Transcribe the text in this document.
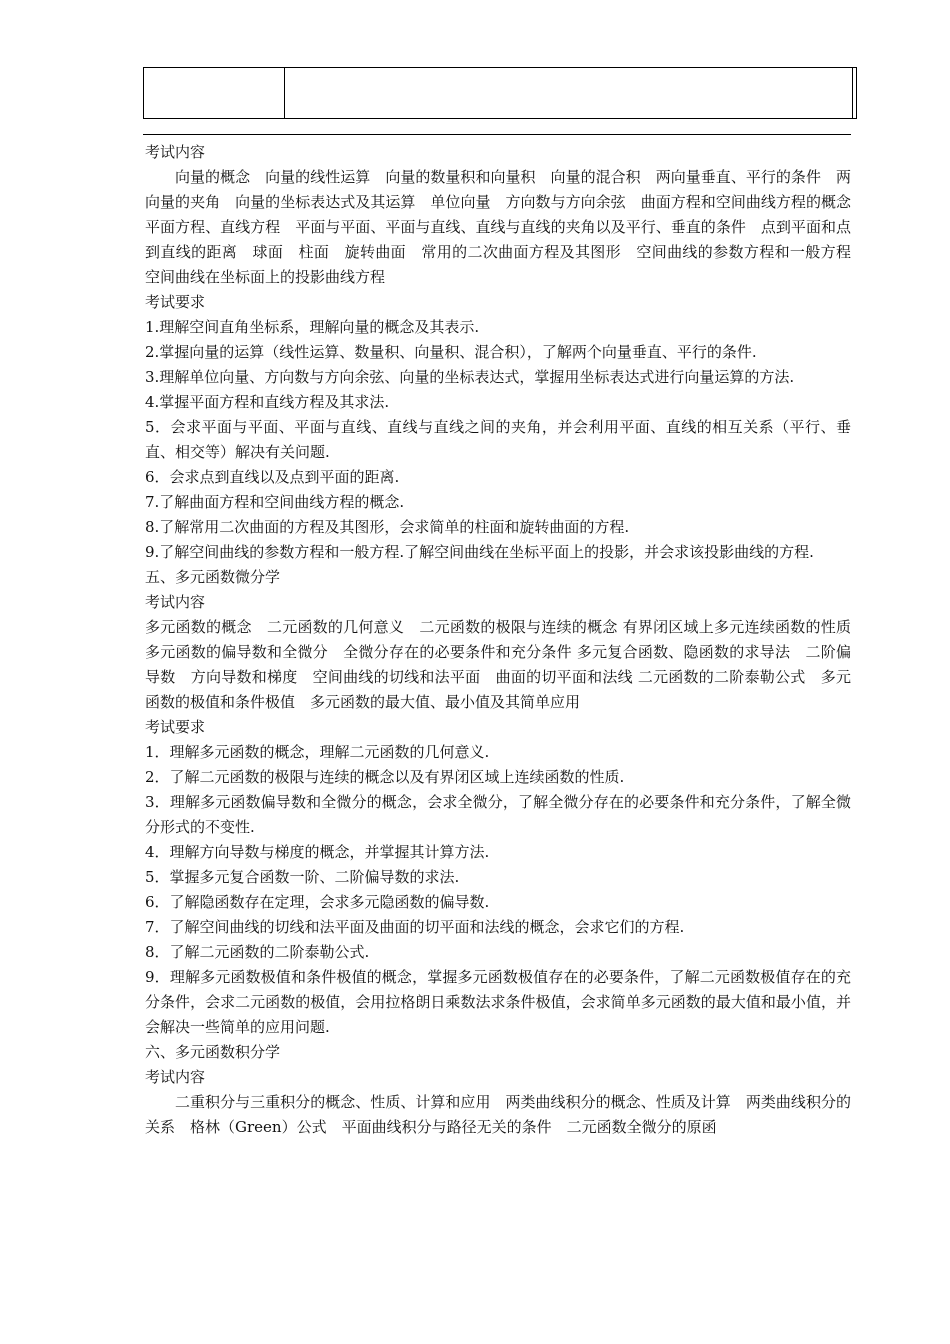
考试内容

向量的概念　向量的线性运算　向量的数量积和向量积　向量的混合积　两向量垂直、平行的条件　两向量的夹角　向量的坐标表达式及其运算　单位向量　方向数与方向余弦　曲面方程和空间曲线方程的概念　平面方程、直线方程　平面与平面、平面与直线、直线与直线的夹角以及平行、垂直的条件　点到平面和点到直线的距离　球面　柱面　旋转曲面　常用的二次曲面方程及其图形　空间曲线的参数方程和一般方程　空间曲线在坐标面上的投影曲线方程

考试要求

1.理解空间直角坐标系，理解向量的概念及其表示.

2.掌握向量的运算（线性运算、数量积、向量积、混合积），了解两个向量垂直、平行的条件.

3.理解单位向量、方向数与方向余弦、向量的坐标表达式，掌握用坐标表达式进行向量运算的方法.

4.掌握平面方程和直线方程及其求法.

5．会求平面与平面、平面与直线、直线与直线之间的夹角，并会利用平面、直线的相互关系（平行、垂直、相交等）解决有关问题.

6．会求点到直线以及点到平面的距离.

7.了解曲面方程和空间曲线方程的概念.

8.了解常用二次曲面的方程及其图形，会求简单的柱面和旋转曲面的方程.

9.了解空间曲线的参数方程和一般方程.了解空间曲线在坐标平面上的投影，并会求该投影曲线的方程.

五、多元函数微分学

考试内容

多元函数的概念　二元函数的几何意义　二元函数的极限与连续的概念 有界闭区域上多元连续函数的性质　多元函数的偏导数和全微分　全微分存在的必要条件和充分条件 多元复合函数、隐函数的求导法　二阶偏导数　方向导数和梯度　空间曲线的切线和法平面　曲面的切平面和法线 二元函数的二阶泰勒公式　多元函数的极值和条件极值　多元函数的最大值、最小值及其简单应用

考试要求

1．理解多元函数的概念，理解二元函数的几何意义.

2．了解二元函数的极限与连续的概念以及有界闭区域上连续函数的性质.

3．理解多元函数偏导数和全微分的概念，会求全微分，了解全微分存在的必要条件和充分条件，了解全微分形式的不变性.

4．理解方向导数与梯度的概念，并掌握其计算方法.

5．掌握多元复合函数一阶、二阶偏导数的求法.

6．了解隐函数存在定理，会求多元隐函数的偏导数.

7．了解空间曲线的切线和法平面及曲面的切平面和法线的概念，会求它们的方程.

8．了解二元函数的二阶泰勒公式.

9．理解多元函数极值和条件极值的概念，掌握多元函数极值存在的必要条件，了解二元函数极值存在的充分条件，会求二元函数的极值，会用拉格朗日乘数法求条件极值，会求简单多元函数的最大值和最小值，并会解决一些简单的应用问题.

六、多元函数积分学

考试内容

二重积分与三重积分的概念、性质、计算和应用　两类曲线积分的概念、性质及计算　两类曲线积分的关系　格林（Green）公式　平面曲线积分与路径无关的条件　二元函数全微分的原函
